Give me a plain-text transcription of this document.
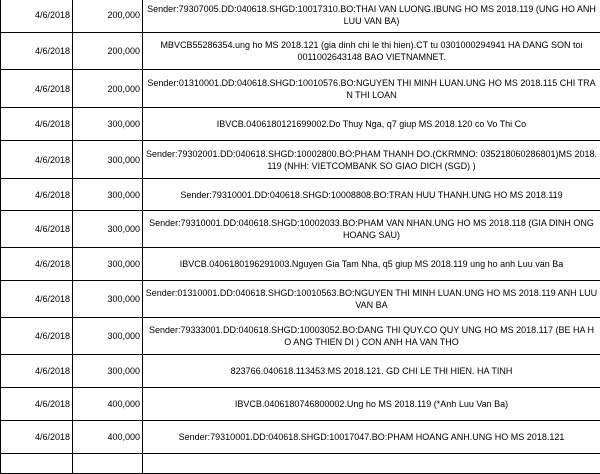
4/6/2018	200,000	Sender:79307005.DD:040618.SHGD:10017310.BO:THAI VAN LUONG.IBUNG HO MS 2018.119 (UNG HO ANH LUU VAN BA)
4/6/2018	200,000	MBVCB55286354.ung ho MS 2018.121 (gia dinh chi le thi hien).CT tu 0301000294941 HA DANG SON toi 0011002643148 BAO VIETNAMNET.
4/6/2018	200,000	Sender:01310001.DD:040618.SHGD:10010576.BO:NGUYEN THI MINH LUAN.UNG HO MS 2018.115 CHI TRA N THI LOAN
4/6/2018	300,000	IBVCB.0406180121699002.Do Thuy Nga, q7 giup MS 2018.120 co Vo Thi Co
4/6/2018	300,000	Sender:79302001.DD:040618.SHGD:10002800.BO:PHAM THANH DO.(CKRMNO: 035218060286801)MS 2018. 119 (NHH: VIETCOMBANK SO GIAO DICH (SGD) )
4/6/2018	300,000	Sender:79310001.DD:040618.SHGD:10008808.BO:TRAN HUU THANH.UNG HO MS 2018.119
4/6/2018	300,000	Sender:79310001.DD:040618.SHGD:10002033.BO:PHAM VAN NHAN.UNG HO MS 2018.118 (GIA DINH ONG HOANG SAU)
4/6/2018	300,000	IBVCB.0406180196291003.Nguyen Gia Tam Nha, q5 giup MS 2018.119 ung ho anh Luu van Ba
4/6/2018	300,000	Sender:01310001.DD:040618.SHGD:10010563.BO:NGUYEN THI MINH LUAN.UNG HO MS 2018.119 ANH LUU VAN BA
4/6/2018	300,000	Sender:79333001.DD:040618.SHGD:10003052.BO:DANG THI QUY.CO QUY UNG HO MS 2018.117 (BE HA H O ANG THIEN DI ) CON ANH HA VAN THO
4/6/2018	300,000	823766.040618.113453.MS 2018.121. GD CHI LE THI HIEN. HA TINH
4/6/2018	400,000	IBVCB.0406180746800002.Ung ho MS 2018.119 (*Anh Luu Van Ba)
4/6/2018	400,000	Sender:79310001.DD:040618.SHGD:10017047.BO:PHAM HOANG ANH.UNG HO MS 2018.121
